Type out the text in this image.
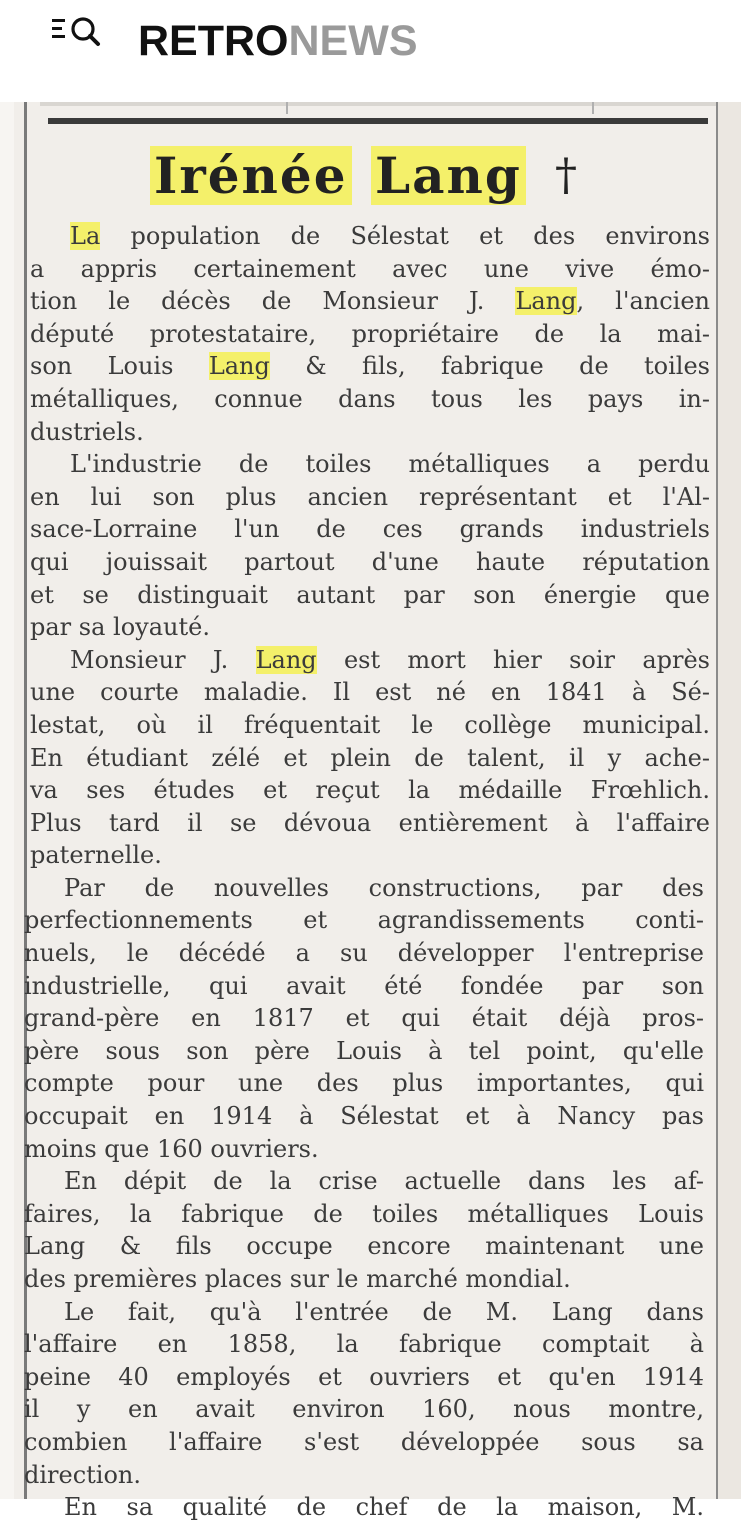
RETRONEWS
Irénée Lang †
La population de Sélestat et des environs
a appris certainement avec une vive émo-
tion le décès de Monsieur J. Lang, l'ancien
député protestataire, propriétaire de la mai-
son Louis Lang & fils, fabrique de toiles
métalliques, connue dans tous les pays in-
dustriels.
L'industrie de toiles métalliques a perdu
en lui son plus ancien représentant et l'Al-
sace-Lorraine l'un de ces grands industriels
qui jouissait partout d'une haute réputation
et se distinguait autant par son énergie que
par sa loyauté.
Monsieur J. Lang est mort hier soir après
une courte maladie. Il est né en 1841 à Sé-
lestat, où il fréquentait le collège municipal.
En étudiant zélé et plein de talent, il y ache-
va ses études et reçut la médaille Frœhlich.
Plus tard il se dévoua entièrement à l'affaire
paternelle.
Par de nouvelles constructions, par des
perfectionnements et agrandissements conti-
nuels, le décédé a su développer l'entreprise
industrielle, qui avait été fondée par son
grand-père en 1817 et qui était déjà pros-
père sous son père Louis à tel point, qu'elle
compte pour une des plus importantes, qui
occupait en 1914 à Sélestat et à Nancy pas
moins que 160 ouvriers.
En dépit de la crise actuelle dans les af-
faires, la fabrique de toiles métalliques Louis
Lang & fils occupe encore maintenant une
des premières places sur le marché mondial.
Le fait, qu'à l'entrée de M. Lang dans
l'affaire en 1858, la fabrique comptait à
peine 40 employés et ouvriers et qu'en 1914
il y en avait environ 160, nous montre,
combien l'affaire s'est développée sous sa
direction.
En sa qualité de chef de la maison, M.
